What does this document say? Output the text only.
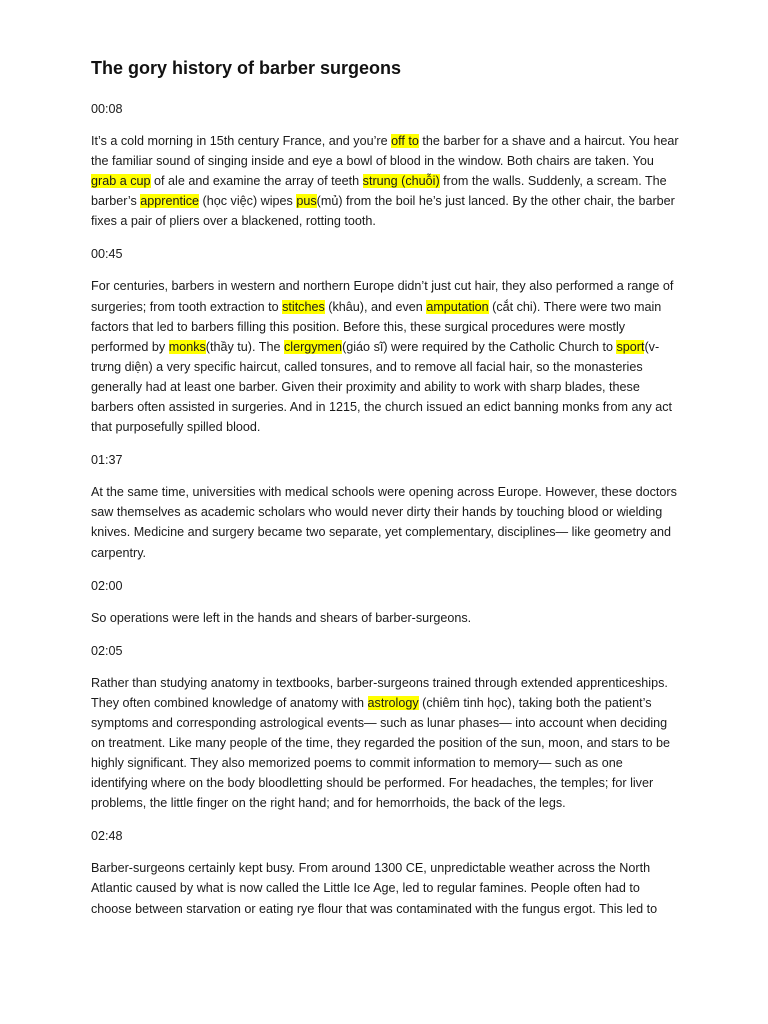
The gory history of barber surgeons

00:08

It’s a cold morning in 15th century France, and you’re off to the barber for a shave and a haircut. You hear the familiar sound of singing inside and eye a bowl of blood in the window. Both chairs are taken. You grab a cup of ale and examine the array of teeth strung (chuỗi) from the walls. Suddenly, a scream. The barber’s apprentice (học việc) wipes pus(mủ) from the boil he’s just lanced. By the other chair, the barber fixes a pair of pliers over a blackened, rotting tooth.

00:45

For centuries, barbers in western and northern Europe didn’t just cut hair, they also performed a range of surgeries; from tooth extraction to stitches (khâu), and even amputation (cắt chi). There were two main factors that led to barbers filling this position. Before this, these surgical procedures were mostly performed by monks(thầy tu). The clergymen(giáo sĩ) were required by the Catholic Church to sport(v-trưng diện) a very specific haircut, called tonsures, and to remove all facial hair, so the monasteries generally had at least one barber. Given their proximity and ability to work with sharp blades, these barbers often assisted in surgeries. And in 1215, the church issued an edict banning monks from any act that purposefully spilled blood.

01:37

At the same time, universities with medical schools were opening across Europe. However, these doctors saw themselves as academic scholars who would never dirty their hands by touching blood or wielding knives. Medicine and surgery became two separate, yet complementary, disciplines— like geometry and carpentry.

02:00

So operations were left in the hands and shears of barber-surgeons.

02:05

Rather than studying anatomy in textbooks, barber-surgeons trained through extended apprenticeships. They often combined knowledge of anatomy with astrology (chiêm tinh học), taking both the patient’s symptoms and corresponding astrological events— such as lunar phases— into account when deciding on treatment. Like many people of the time, they regarded the position of the sun, moon, and stars to be highly significant. They also memorized poems to commit information to memory— such as one identifying where on the body bloodletting should be performed. For headaches, the temples; for liver problems, the little finger on the right hand; and for hemorrhoids, the back of the legs.

02:48

Barber-surgeons certainly kept busy. From around 1300 CE, unpredictable weather across the North Atlantic caused by what is now called the Little Ice Age, led to regular famines. People often had to choose between starvation or eating rye flour that was contaminated with the fungus ergot. This led to
